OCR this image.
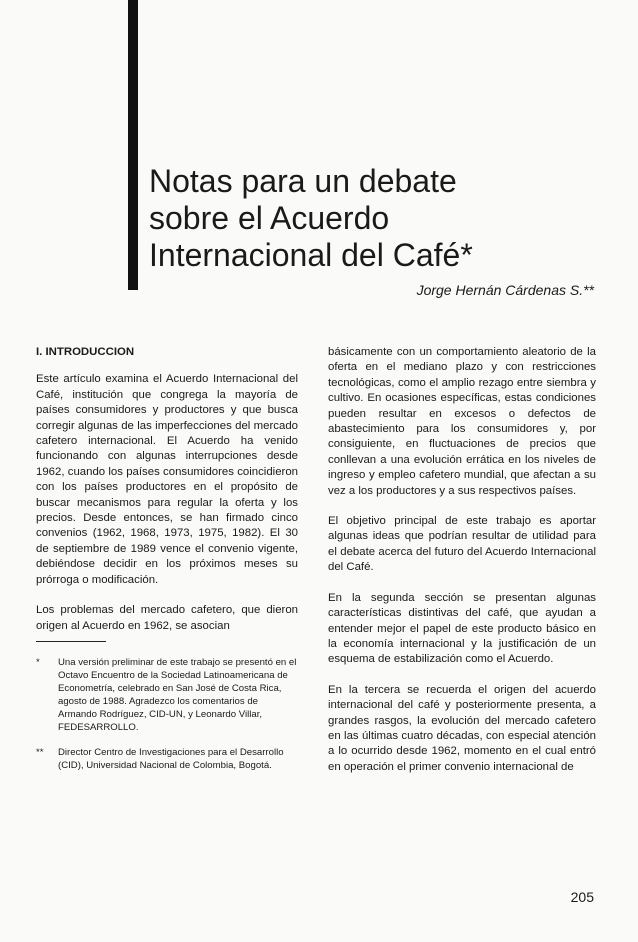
Notas para un debate
sobre el Acuerdo
Internacional del Café*
Jorge Hernán Cárdenas S.**
I. INTRODUCCION

Este artículo examina el Acuerdo Internacional del Café, institución que congrega la mayoría de países consumidores y productores y que busca corregir algunas de las imperfecciones del mercado cafetero internacional. El Acuerdo ha venido funcionando con algunas interrupciones desde 1962, cuando los países consumidores coincidieron con los países productores en el propósito de buscar mecanismos para regular la oferta y los precios. Desde entonces, se han firmado cinco convenios (1962, 1968, 1973, 1975, 1982). El 30 de septiembre de 1989 vence el convenio vigente, debiéndose decidir en los próximos meses su prórroga o modificación.

Los problemas del mercado cafetero, que dieron origen al Acuerdo en 1962, se asocian

*	Una versión preliminar de este trabajo se presentó en el Octavo Encuentro de la Sociedad Latinoamericana de Econometría, celebrado en San José de Costa Rica, agosto de 1988. Agradezco los comentarios de Armando Rodríguez, CID-UN, y Leonardo Villar, FEDESARROLLO.
**	Director Centro de Investigaciones para el Desarrollo (CID), Universidad Nacional de Colombia, Bogotá.

básicamente con un comportamiento aleatorio de la oferta en el mediano plazo y con restricciones tecnológicas, como el amplio rezago entre siembra y cultivo. En ocasiones específicas, estas condiciones pueden resultar en excesos o defectos de abastecimiento para los consumidores y, por consiguiente, en fluctuaciones de precios que conllevan a una evolución errática en los niveles de ingreso y empleo cafetero mundial, que afectan a su vez a los productores y a sus respectivos países.

El objetivo principal de este trabajo es aportar algunas ideas que podrían resultar de utilidad para el debate acerca del futuro del Acuerdo Internacional del Café.

En la segunda sección se presentan algunas características distintivas del café, que ayudan a entender mejor el papel de este producto básico en la economía internacional y la justificación de un esquema de estabilización como el Acuerdo.

En la tercera se recuerda el origen del acuerdo internacional del café y posteriormente presenta, a grandes rasgos, la evolución del mercado cafetero en las últimas cuatro décadas, con especial atención a lo ocurrido desde 1962, momento en el cual entró en operación el primer convenio internacional de

205
